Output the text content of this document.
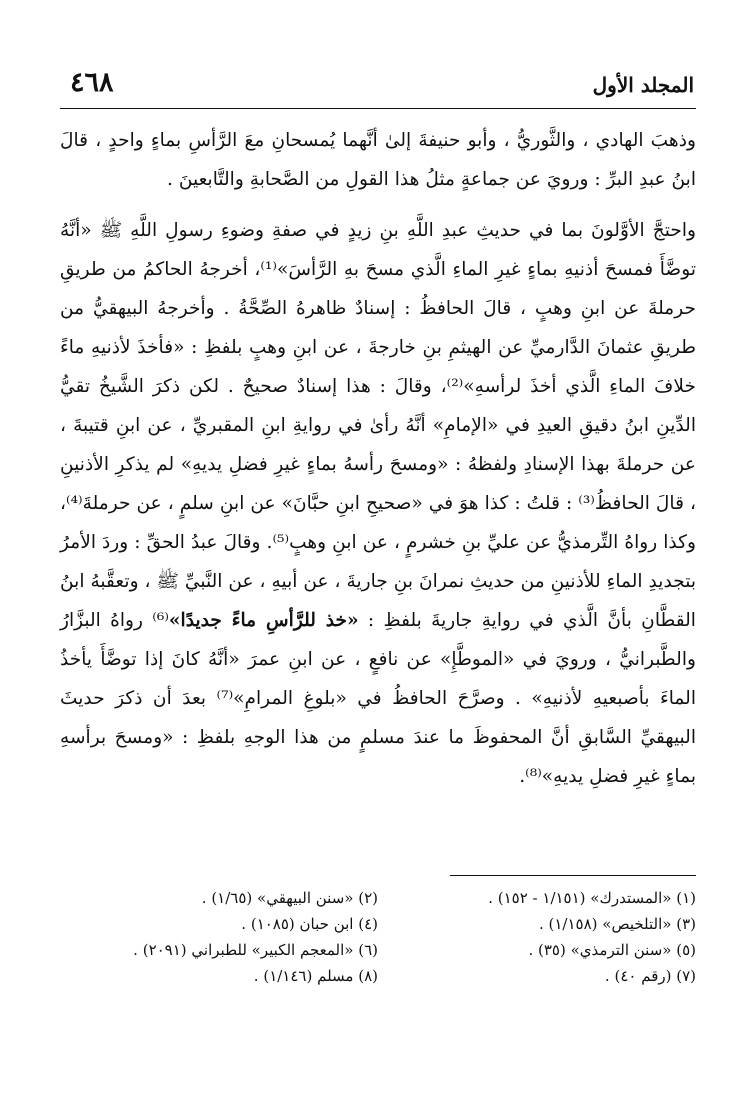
المجلد الأول
٤٦٨

وذهبَ الهادي ، والثَّوريُّ ، وأبو حنيفةَ إلىٰ أنَّهما يُمسحانِ معَ الرَّأسِ بماءٍ واحدٍ ، قالَ ابنُ عبدِ البرِّ : ورويَ عن جماعةٍ مثلُ هذا القولِ من الصَّحابةِ والتَّابعينَ .

واحتجَّ الأوَّلونَ بما في حديثِ عبدِ اللَّهِ بنِ زيدٍ في صفةِ وضوءِ رسولِ اللَّهِ ﷺ «أنَّهُ توضَّأَ فمسحَ أذنيهِ بماءٍ غيرِ الماءِ الَّذي مسحَ بهِ الرَّأسَ»⁽¹⁾، أخرجهُ الحاكمُ من طريقِ حرملةَ عن ابنِ وهبٍ ، قالَ الحافظُ : إسنادٌ ظاهرهُ الصِّحَّةُ . وأخرجهُ البيهقيُّ من طريقِ عثمانَ الدَّارميِّ عن الهيثمِ بنِ خارجةَ ، عن ابنِ وهبٍ بلفظِ : «فأخذَ لأذنيهِ ماءً خلافَ الماءِ الَّذي أخذَ لرأسهِ»⁽²⁾، وقالَ : هذا إسنادٌ صحيحٌ . لكن ذكرَ الشَّيخُ تقيُّ الدِّينِ ابنُ دقيقِ العيدِ في «الإمامِ» أنَّهُ رأىٰ في روايةِ ابنِ المقبريِّ ، عن ابنِ قتيبةَ ، عن حرملةَ بهذا الإسنادِ ولفظهُ : «ومسحَ رأسهُ بماءٍ غيرِ فضلِ يديهِ» لم يذكرِ الأذنينِ ، قالَ الحافظُ⁽³⁾ : قلتُ : كذا هوَ في «صحيحِ ابنِ حبَّانَ» عن ابنِ سلمٍ ، عن حرملةَ⁽⁴⁾، وكذا رواهُ التِّرمذيُّ عن عليِّ بنِ خشرمٍ ، عن ابنِ وهبٍ⁽⁵⁾. وقالَ عبدُ الحقِّ : وردَ الأمرُ بتجديدِ الماءِ للأذنينِ من حديثِ نمرانَ بنِ جاريةَ ، عن أبيهِ ، عن النَّبيِّ ﷺ ، وتعقَّبهُ ابنُ القطَّانِ بأنَّ الَّذي في روايةِ جاريةَ بلفظِ : «خذ للرَّأسِ ماءً جديدًا»⁽⁶⁾ رواهُ البزَّارُ والطَّبرانيُّ ، ورويَ في «الموطَّإِ» عن نافعٍ ، عن ابنِ عمرَ «أنَّهُ كانَ إذا توضَّأَ يأخذُ الماءَ بأصبعيهِ لأذنيهِ» . وصرَّحَ الحافظُ في «بلوغِ المرامِ»⁽⁷⁾ بعدَ أن ذكرَ حديثَ البيهقيِّ السَّابقِ أنَّ المحفوظَ ما عندَ مسلمٍ من هذا الوجهِ بلفظِ : «ومسحَ برأسهِ بماءٍ غيرِ فضلِ يديهِ»⁽⁸⁾.

(١) «المستدرك» (١/١٥١ - ١٥٢) .
(٢) «سنن البيهقي» (١/٦٥) .
(٣) «التلخيص» (١/١٥٨) .
(٤) ابن حبان (١٠٨٥) .
(٥) «سنن الترمذي» (٣٥) .
(٦) «المعجم الكبير» للطبراني (٢٠٩١) .
(٧) (رقم ٤٠) .
(٨) مسلم (١/١٤٦) .
